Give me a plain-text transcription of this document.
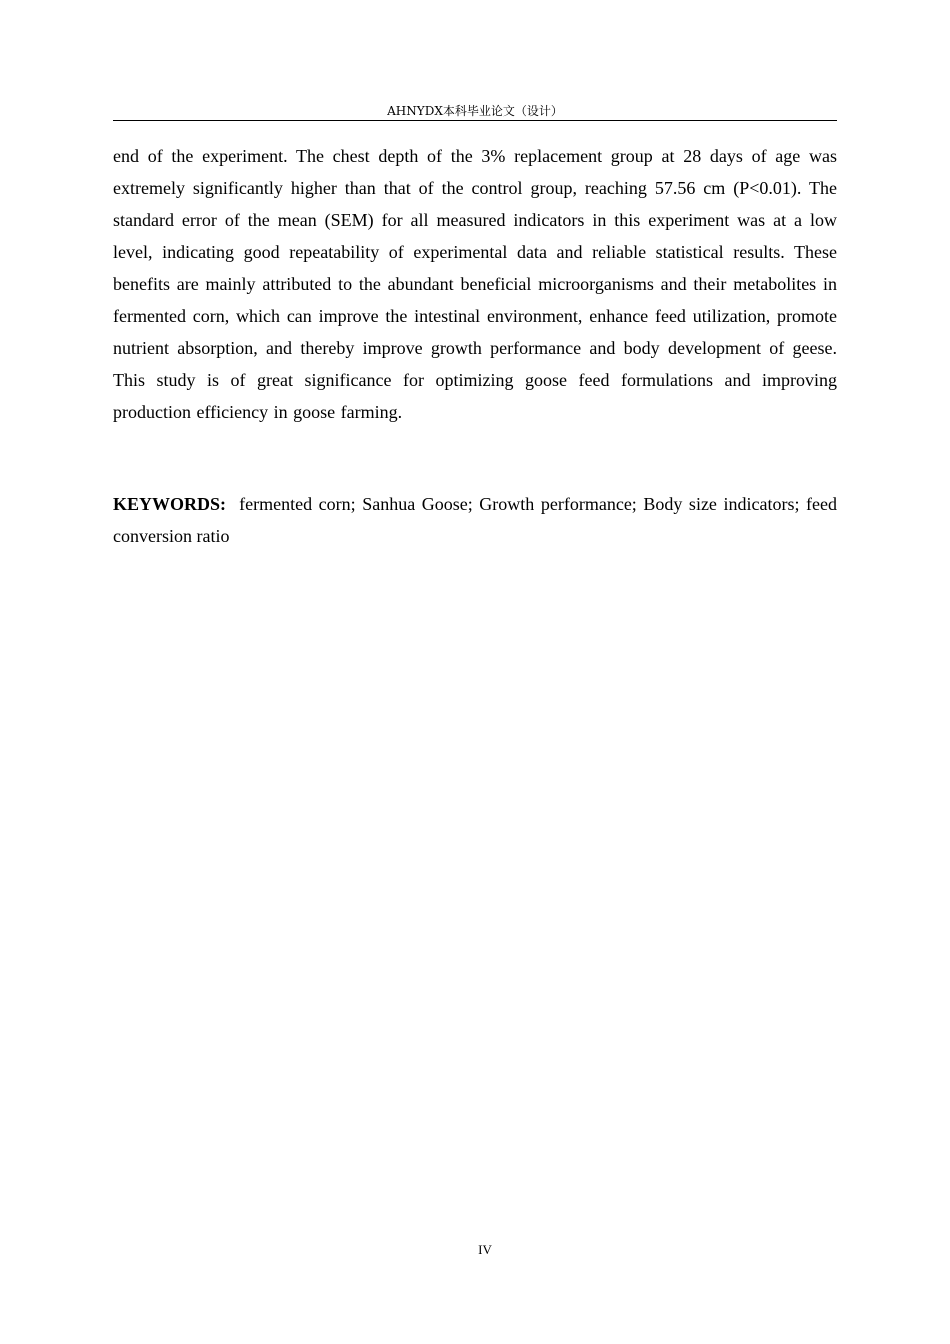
AHNYDX本科毕业论文（设计）

end of the experiment. The chest depth of the 3% replacement group at 28 days of age was extremely significantly higher than that of the control group, reaching 57.56 cm (P<0.01). The standard error of the mean (SEM) for all measured indicators in this experiment was at a low level, indicating good repeatability of experimental data and reliable statistical results. These benefits are mainly attributed to the abundant beneficial microorganisms and their metabolites in fermented corn, which can improve the intestinal environment, enhance feed utilization, promote nutrient absorption, and thereby improve growth performance and body development of geese. This study is of great significance for optimizing goose feed formulations and improving production efficiency in goose farming.

KEYWORDS: fermented corn; Sanhua Goose; Growth performance; Body size indicators; feed conversion ratio

IV
